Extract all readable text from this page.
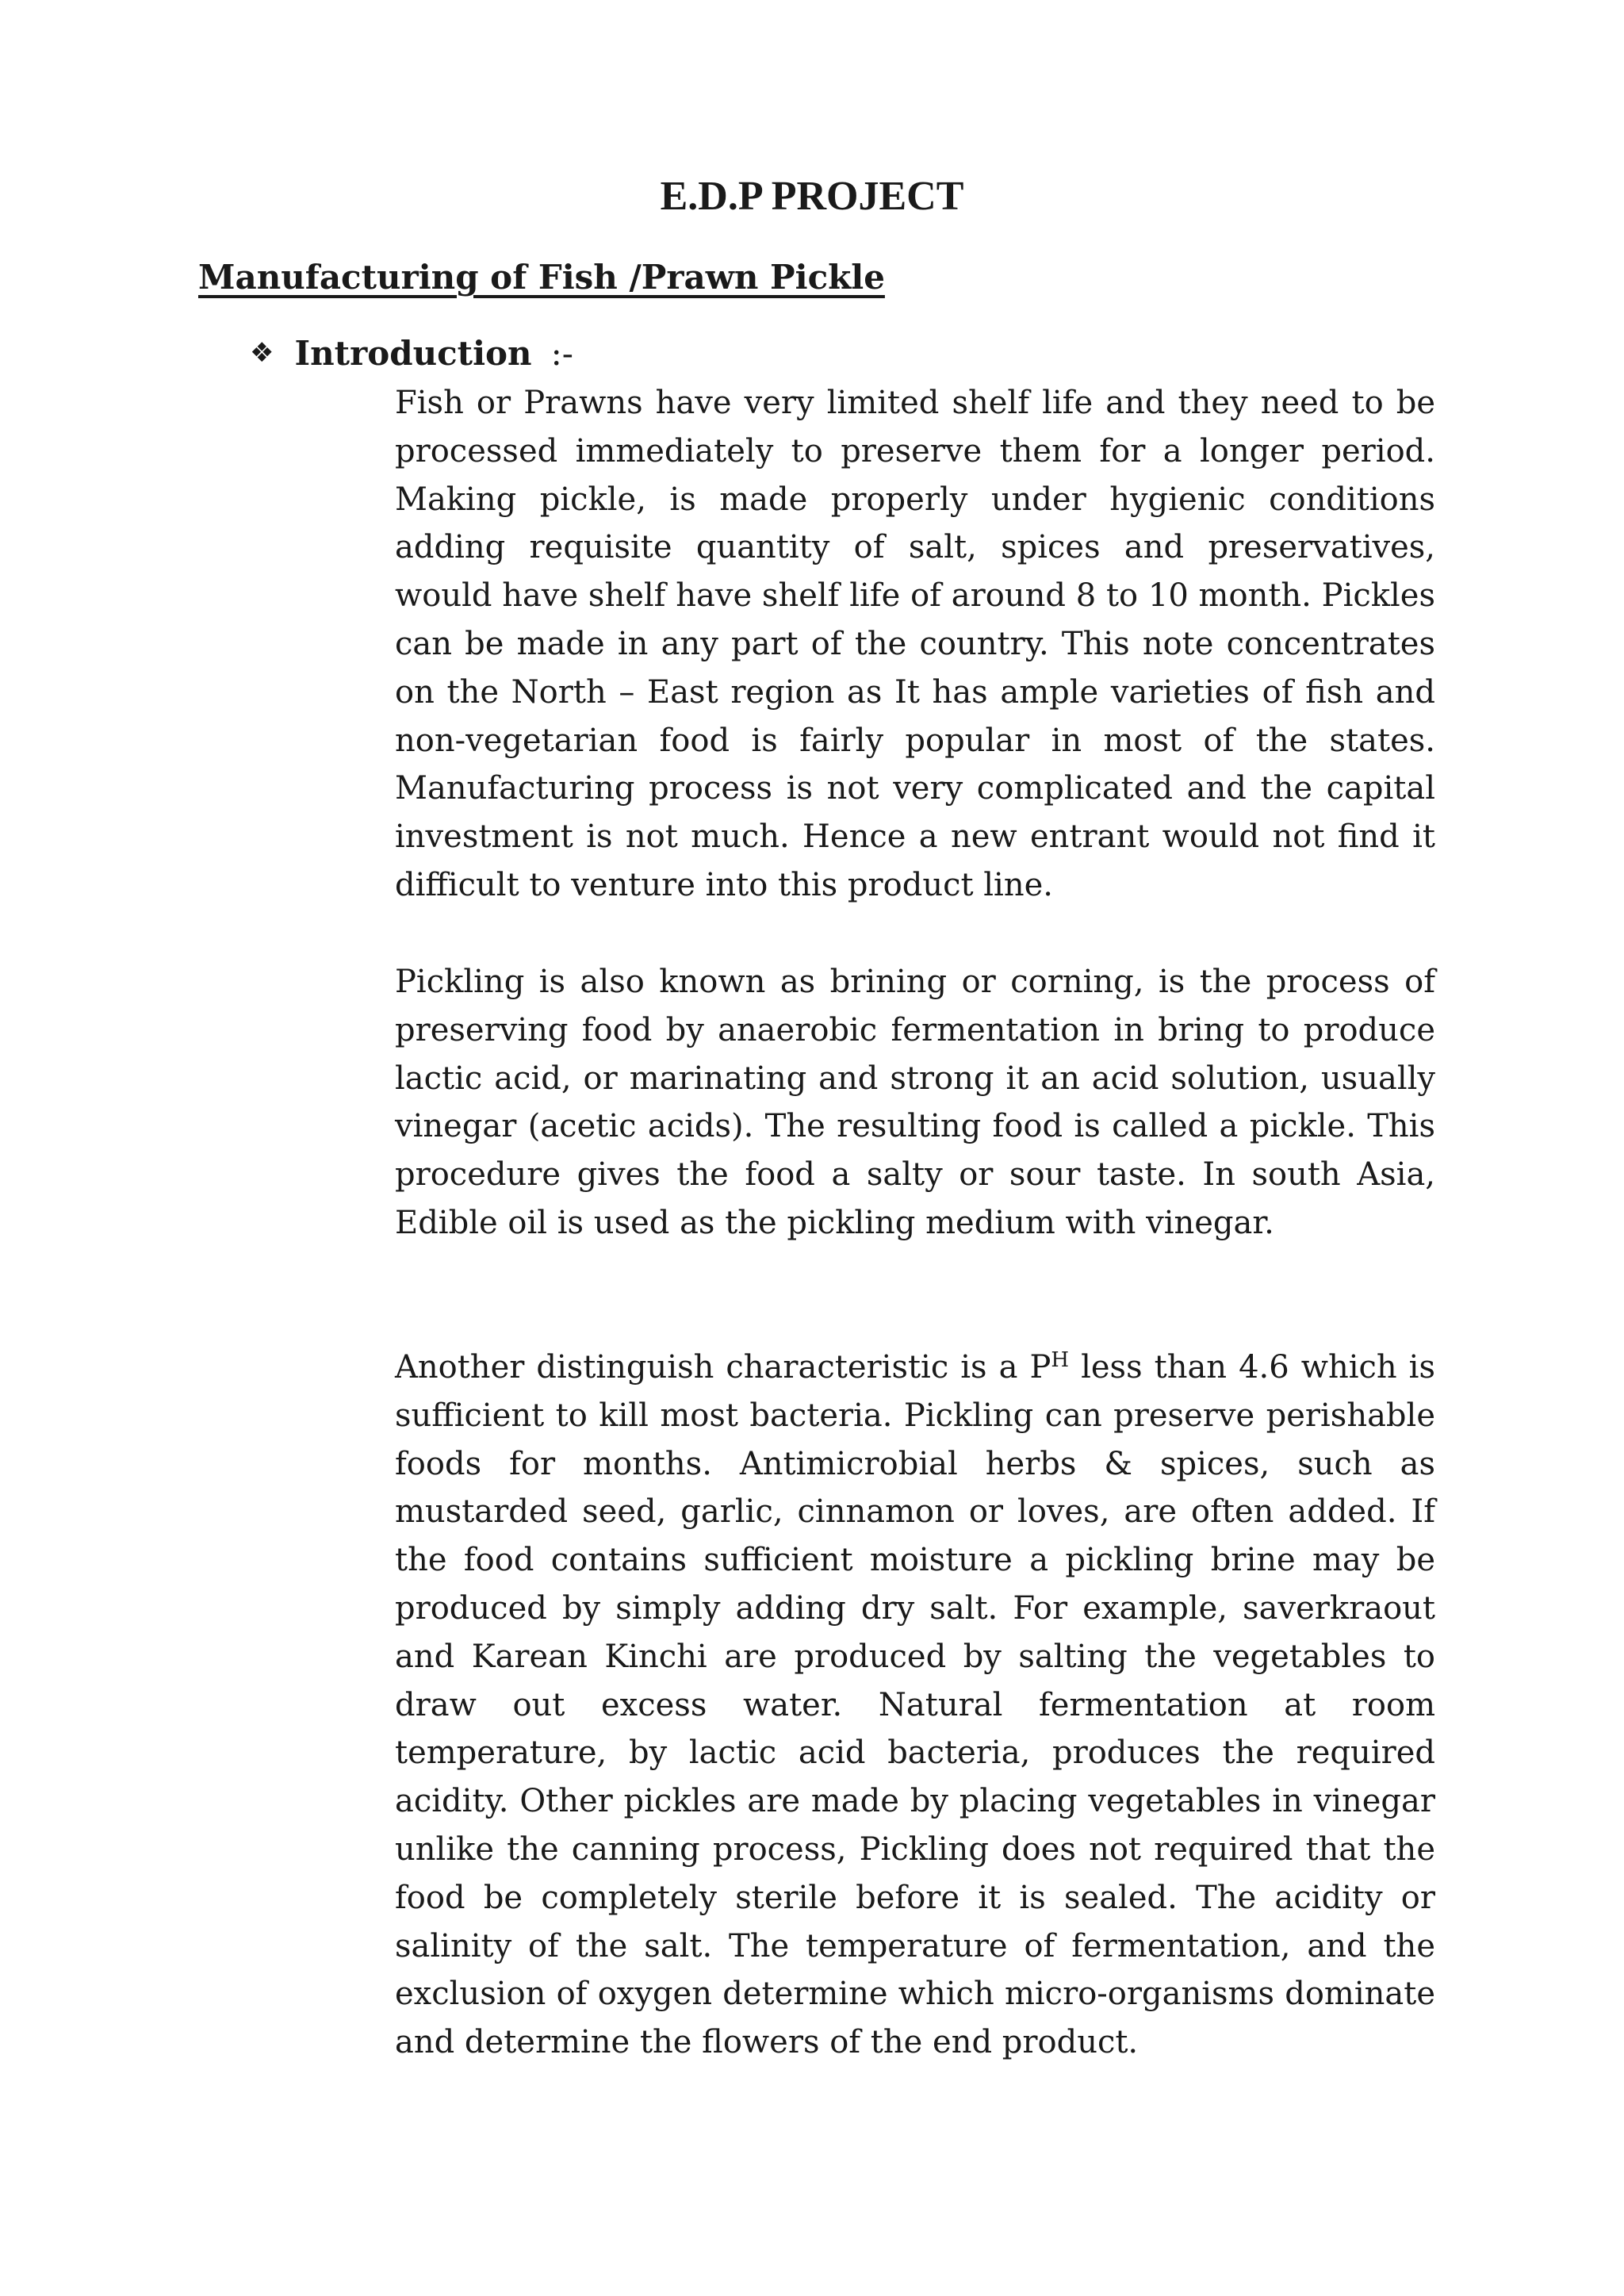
E.D.P PROJECT
Manufacturing of Fish /Prawn Pickle
❖ Introduction :-

Fish or Prawns have very limited shelf life and they need to be processed immediately to preserve them for a longer period. Making pickle, is made properly under hygienic conditions adding requisite quantity of salt, spices and preservatives, would have shelf have shelf life of around 8 to 10 month. Pickles can be made in any part of the country. This note concentrates on the North – East region as It has ample varieties of fish and non-vegetarian food is fairly popular in most of the states. Manufacturing process is not very complicated and the capital investment is not much. Hence a new entrant would not find it difficult to venture into this product line.

Pickling is also known as brining or corning, is the process of preserving food by anaerobic fermentation in bring to produce lactic acid, or marinating and strong it an acid solution, usually vinegar (acetic acids). The resulting food is called a pickle. This procedure gives the food a salty or sour taste. In south Asia, Edible oil is used as the pickling medium with vinegar.

Another distinguish characteristic is a $P^H$ less than 4.6 which is sufficient to kill most bacteria. Pickling can preserve perishable foods for months. Antimicrobial herbs & spices, such as mustarded seed, garlic, cinnamon or loves, are often added. If the food contains sufficient moisture a pickling brine may be produced by simply adding dry salt. For example, saverkraout and Karean Kinchi are produced by salting the vegetables to draw out excess water. Natural fermentation at room temperature, by lactic acid bacteria, produces the required acidity. Other pickles are made by placing vegetables in vinegar unlike the canning process, Pickling does not required that the food be completely sterile before it is sealed. The acidity or salinity of the salt. The temperature of fermentation, and the exclusion of oxygen determine which micro-organisms dominate and determine the flowers of the end product.
